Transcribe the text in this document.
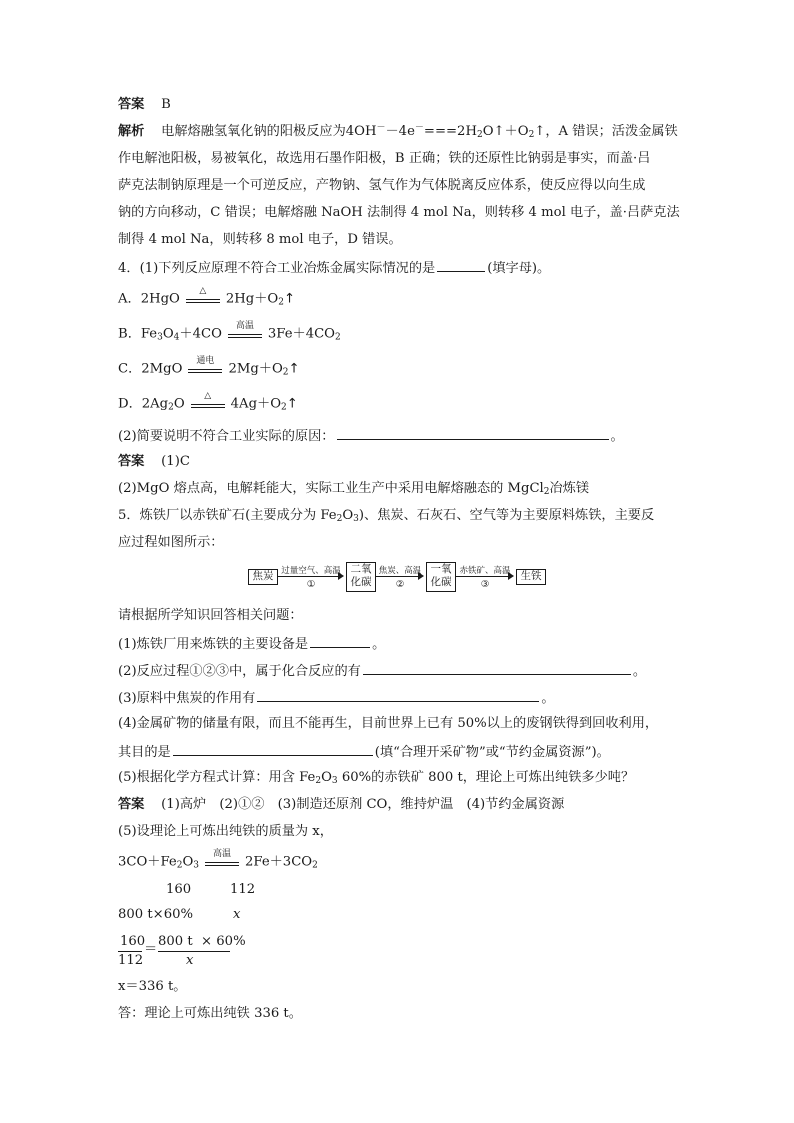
答案 B
解析 电解熔融氢氧化钠的阳极反应为$4OH^--4e^-===2H_2O↑+O_2↑$，A 错误；活泼金属铁
作电解池阳极，易被氧化，故选用石墨作阳极，B 正确；铁的还原性比钠弱是事实，而盖·吕
萨克法制钠原理是一个可逆反应，产物钠、氢气作为气体脱离反应体系，使反应得以向生成
钠的方向移动，C 错误；电解熔融 NaOH 法制得 4 mol Na，则转移 4 mol 电子，盖·吕萨克法
制得 4 mol Na，则转移 8 mol 电子，D 错误。
4．(1)下列反应原理不符合工业冶炼金属实际情况的是	(填字母)。
A．2HgO
△
$2Hg+O_2↑$
B．$Fe_3O_4+4CO$
高温
$3Fe+4CO_2$
C．2MgO
通电
$2Mg+O_2↑$
D．$2Ag_2O$
△
$4Ag+O_2↑$
(2)简要说明不符合工业实际的原因：	。
答案 (1)C
(2)MgO 熔点高，电解耗能大，实际工业生产中采用电解熔融态的 MgCl$_2$冶炼镁
5．炼铁厂以赤铁矿石(主要成分为 $Fe_2O_3$)、焦炭、石灰石、空气等为主要原料炼铁，主要反
应过程如图所示：
焦炭 过量空气、高温
①
二氧
化碳
焦炭、高温
②
一氧
化碳
赤铁矿、高温
③
生铁
请根据所学知识回答相关问题：
(1)炼铁厂用来炼铁的主要设备是	。
(2)反应过程①②③中，属于化合反应的有	。
(3)原料中焦炭的作用有	。
(4)金属矿物的储量有限，而且不能再生，目前世界上已有 50%以上的废钢铁得到回收利用，
其目的是	(填“合理开采矿物”或“节约金属资源”)。
(5)根据化学方程式计算：用含 $Fe_2O_3$ 60%的赤铁矿 800 t，理论上可炼出纯铁多少吨？
答案 (1)高炉　(2)①②　(3)制造还原剂 CO，维持炉温　(4)节约金属资源
(5)设理论上可炼出纯铁的质量为 x，
$3CO+Fe_2O_3$
高温
$2Fe+3CO_2$
160	112
800 t×60%	x
160
112
＝
800 t  × 60%
x
x＝336 t。
答：理论上可炼出纯铁 336 t。
